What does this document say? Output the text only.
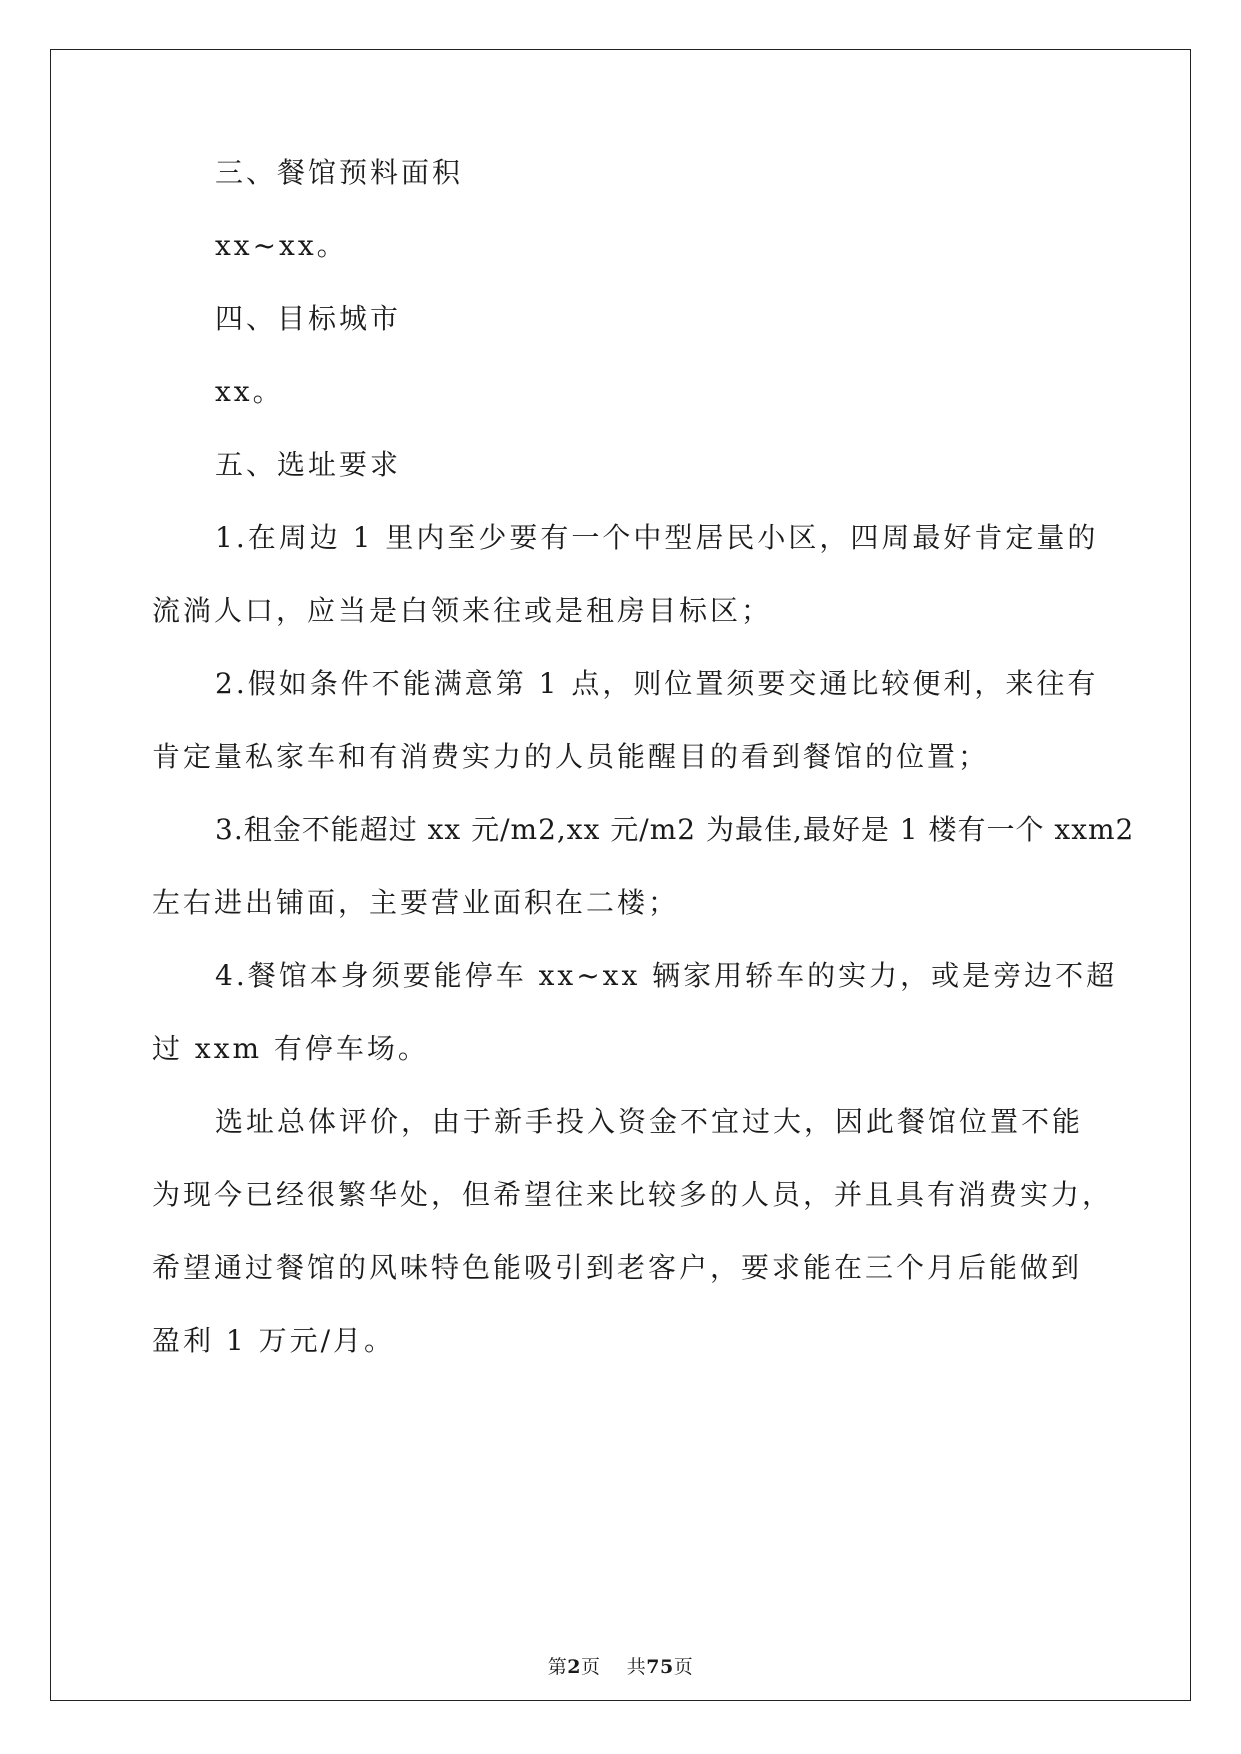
三、餐馆预料面积
xx~xx。
四、目标城市
xx。
五、选址要求
1.在周边 1 里内至少要有一个中型居民小区，四周最好肯定量的
流淌人口，应当是白领来往或是租房目标区；
2.假如条件不能满意第 1 点，则位置须要交通比较便利，来往有
肯定量私家车和有消费实力的人员能醒目的看到餐馆的位置；
3.租金不能超过 xx 元/m2,xx 元/m2 为最佳,最好是 1 楼有一个 xxm2
左右进出铺面，主要营业面积在二楼；
4.餐馆本身须要能停车 xx~xx 辆家用轿车的实力，或是旁边不超
过 xxm 有停车场。
选址总体评价，由于新手投入资金不宜过大，因此餐馆位置不能
为现今已经很繁华处，但希望往来比较多的人员，并且具有消费实力，
希望通过餐馆的风味特色能吸引到老客户，要求能在三个月后能做到
盈利 1 万元/月。
第2页 共75页
